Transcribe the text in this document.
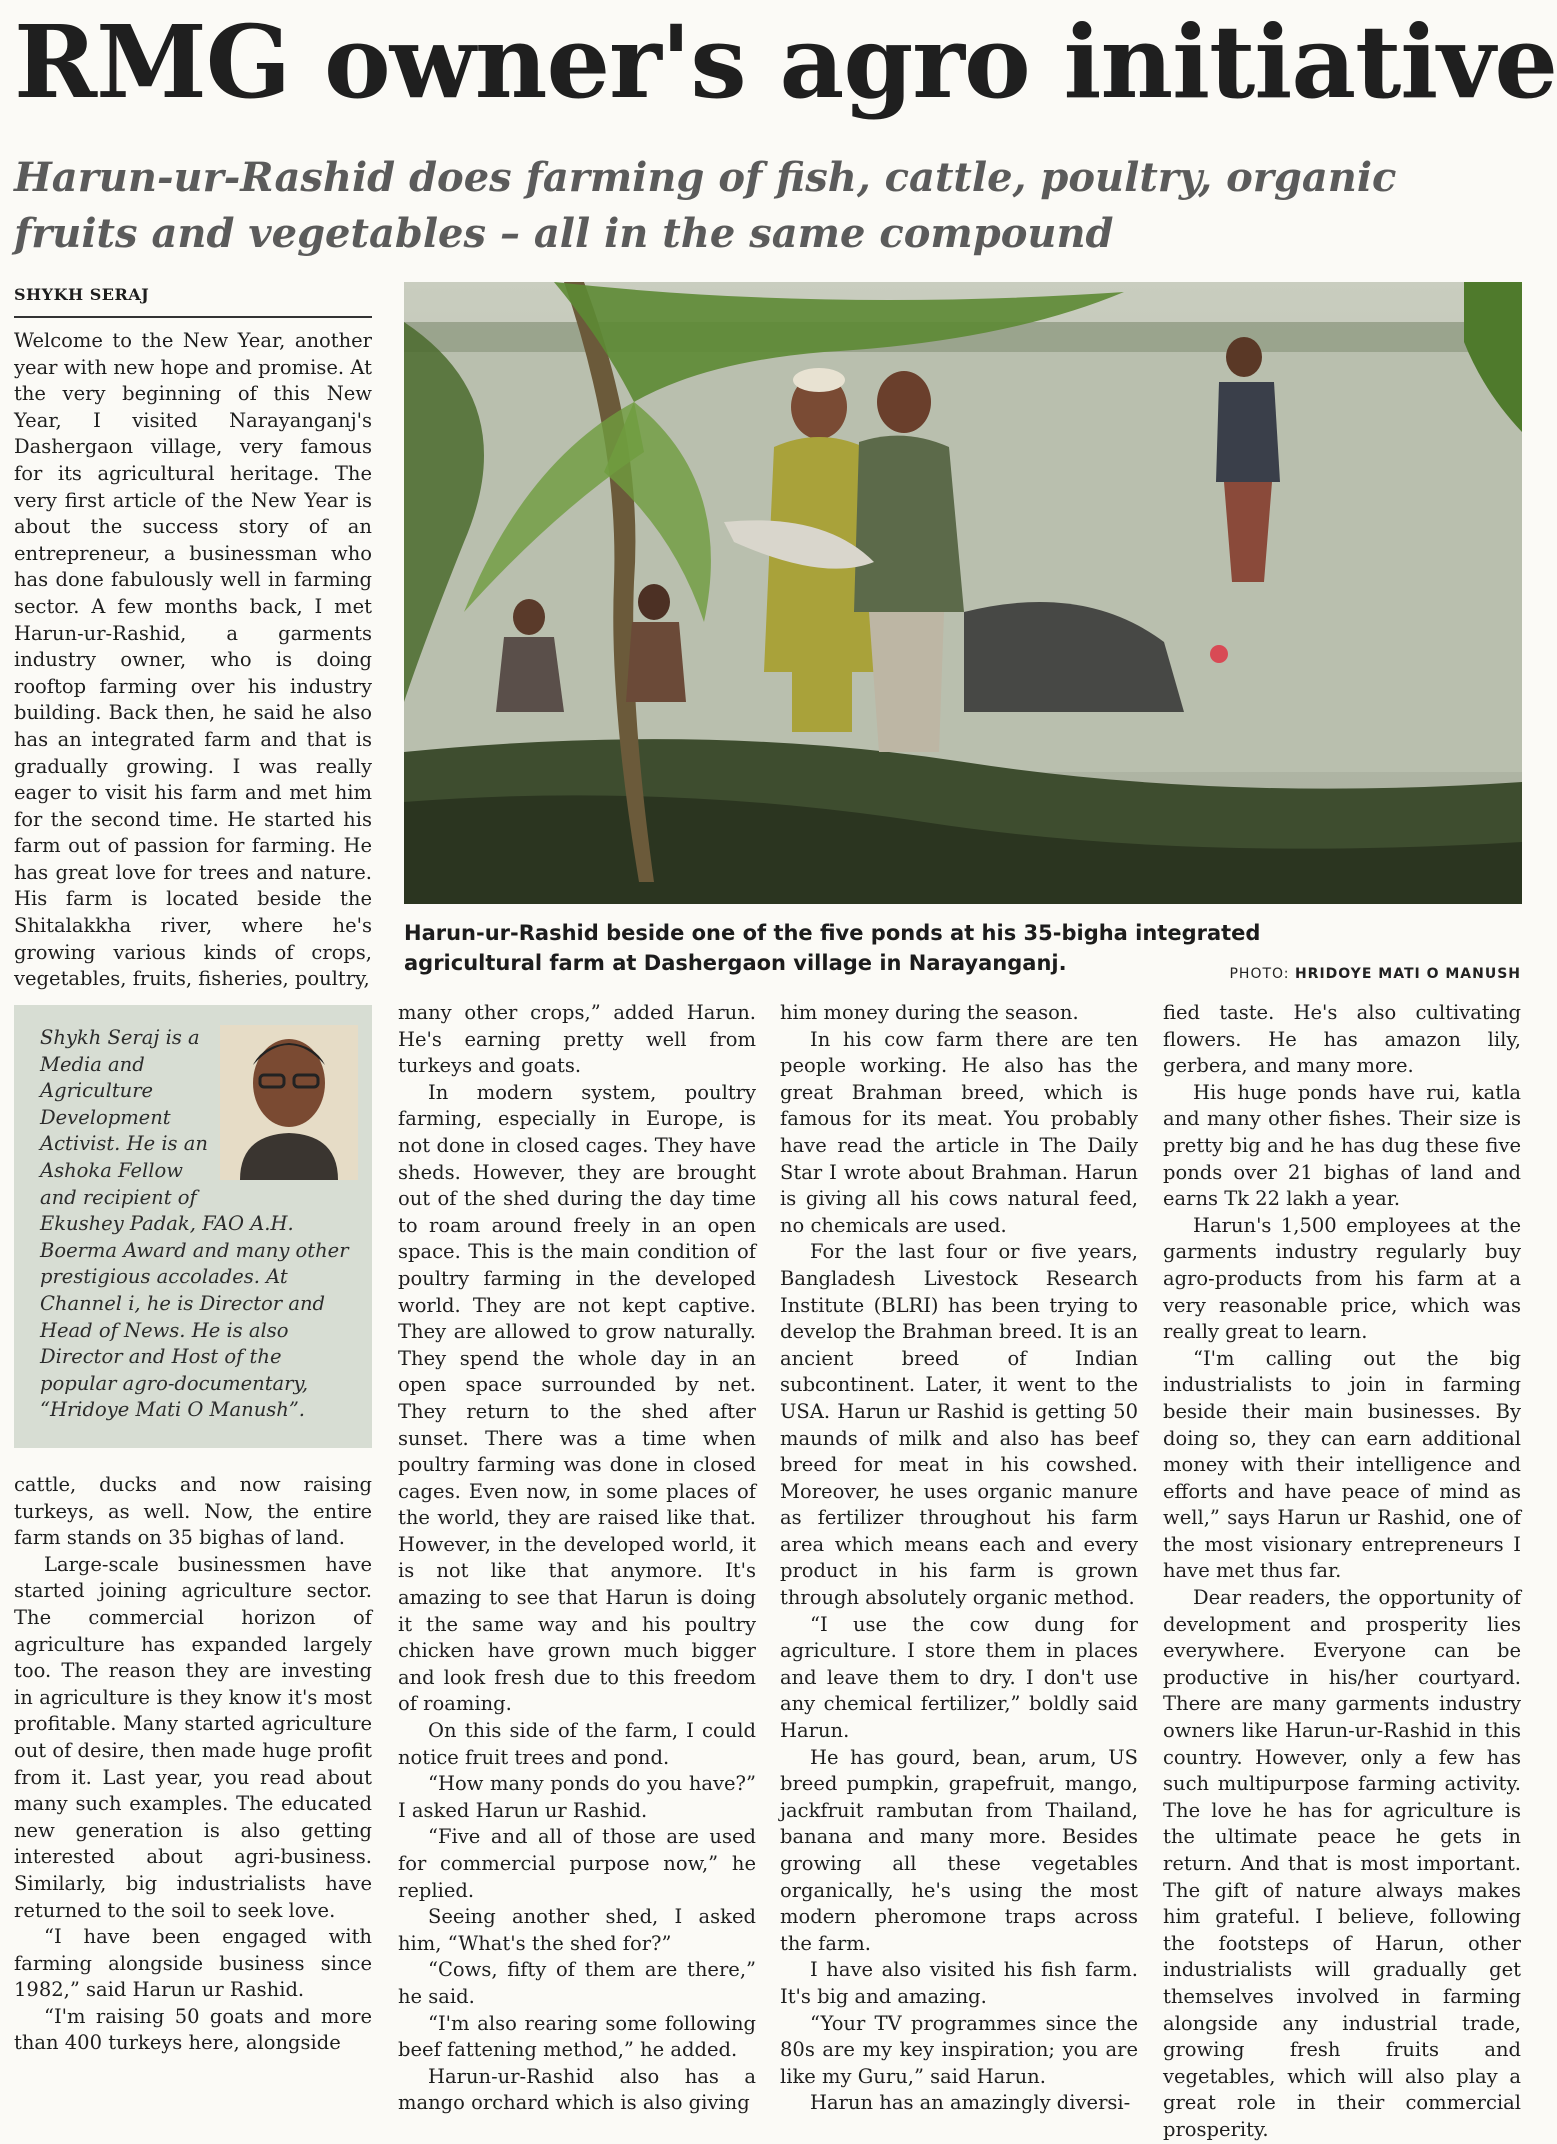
RMG owner's agro initiative
Harun-ur-Rashid does farming of fish, cattle, poultry, organic fruits and vegetables – all in the same compound
SHYKH SERAJ

Welcome to the New Year, another year with new hope and promise. At the very beginning of this New Year, I visited Narayanganj's Dashergaon village, very famous for its agricultural heritage. The very first article of the New Year is about the success story of an entrepreneur, a businessman who has done fabulously well in farming sector. A few months back, I met Harun-ur-Rashid, a garments industry owner, who is doing rooftop farming over his industry building. Back then, he said he also has an integrated farm and that is gradually growing. I was really eager to visit his farm and met him for the second time. He started his farm out of passion for farming. He has great love for trees and nature. His farm is located beside the Shitalakkha river, where he's growing various kinds of crops, vegetables, fruits, fisheries, poultry,

Harun-ur-Rashid beside one of the five ponds at his 35-bigha integrated agricultural farm at Dashergaon village in Narayanganj.	PHOTO: HRIDOYE MATI O MANUSH
Shykh Seraj is a Media and Agriculture Development Activist. He is an Ashoka Fellow and recipient of Ekushey Padak, FAO A.H. Boerma Award and many other prestigious accolades. At Channel i, he is Director and Head of News. He is also Director and Host of the popular agro-documentary, “Hridoye Mati O Manush”.

cattle, ducks and now raising turkeys, as well. Now, the entire farm stands on 35 bighas of land.

Large-scale businessmen have started joining agriculture sector. The commercial horizon of agriculture has expanded largely too. The reason they are investing in agriculture is they know it's most profitable. Many started agriculture out of desire, then made huge profit from it. Last year, you read about many such examples. The educated new generation is also getting interested about agri-business. Similarly, big industrialists have returned to the soil to seek love.

“I have been engaged with farming alongside business since 1982,” said Harun ur Rashid.

“I'm raising 50 goats and more than 400 turkeys here, alongside

many other crops,” added Harun. He's earning pretty well from turkeys and goats.

In modern system, poultry farming, especially in Europe, is not done in closed cages. They have sheds. However, they are brought out of the shed during the day time to roam around freely in an open space. This is the main condition of poultry farming in the developed world. They are not kept captive. They are allowed to grow naturally. They spend the whole day in an open space surrounded by net. They return to the shed after sunset. There was a time when poultry farming was done in closed cages. Even now, in some places of the world, they are raised like that. However, in the developed world, it is not like that anymore. It's amazing to see that Harun is doing it the same way and his poultry chicken have grown much bigger and look fresh due to this freedom of roaming.

On this side of the farm, I could notice fruit trees and pond.

“How many ponds do you have?” I asked Harun ur Rashid.

“Five and all of those are used for commercial purpose now,” he replied.

Seeing another shed, I asked him, “What's the shed for?”

“Cows, fifty of them are there,” he said.

“I'm also rearing some following beef fattening method,” he added.

Harun-ur-Rashid also has a mango orchard which is also giving

him money during the season.

In his cow farm there are ten people working. He also has the great Brahman breed, which is famous for its meat. You probably have read the article in The Daily Star I wrote about Brahman. Harun is giving all his cows natural feed, no chemicals are used.

For the last four or five years, Bangladesh Livestock Research Institute (BLRI) has been trying to develop the Brahman breed. It is an ancient breed of Indian subcontinent. Later, it went to the USA. Harun ur Rashid is getting 50 maunds of milk and also has beef breed for meat in his cowshed. Moreover, he uses organic manure as fertilizer throughout his farm area which means each and every product in his farm is grown through absolutely organic method.

“I use the cow dung for agriculture. I store them in places and leave them to dry. I don't use any chemical fertilizer,” boldly said Harun.

He has gourd, bean, arum, US breed pumpkin, grapefruit, mango, jackfruit rambutan from Thailand, banana and many more. Besides growing all these vegetables organically, he's using the most modern pheromone traps across the farm.

I have also visited his fish farm. It's big and amazing.

“Your TV programmes since the 80s are my key inspiration; you are like my Guru,” said Harun.

Harun has an amazingly diversi-

fied taste. He's also cultivating flowers. He has amazon lily, gerbera, and many more.

His huge ponds have rui, katla and many other fishes. Their size is pretty big and he has dug these five ponds over 21 bighas of land and earns Tk 22 lakh a year.

Harun's 1,500 employees at the garments industry regularly buy agro-products from his farm at a very reasonable price, which was really great to learn.

“I'm calling out the big industrialists to join in farming beside their main businesses. By doing so, they can earn additional money with their intelligence and efforts and have peace of mind as well,” says Harun ur Rashid, one of the most visionary entrepreneurs I have met thus far.

Dear readers, the opportunity of development and prosperity lies everywhere. Everyone can be productive in his/her courtyard. There are many garments industry owners like Harun-ur-Rashid in this country. However, only a few has such multipurpose farming activity. The love he has for agriculture is the ultimate peace he gets in return. And that is most important. The gift of nature always makes him grateful. I believe, following the footsteps of Harun, other industrialists will gradually get themselves involved in farming alongside any industrial trade, growing fresh fruits and vegetables, which will also play a great role in their commercial prosperity.
